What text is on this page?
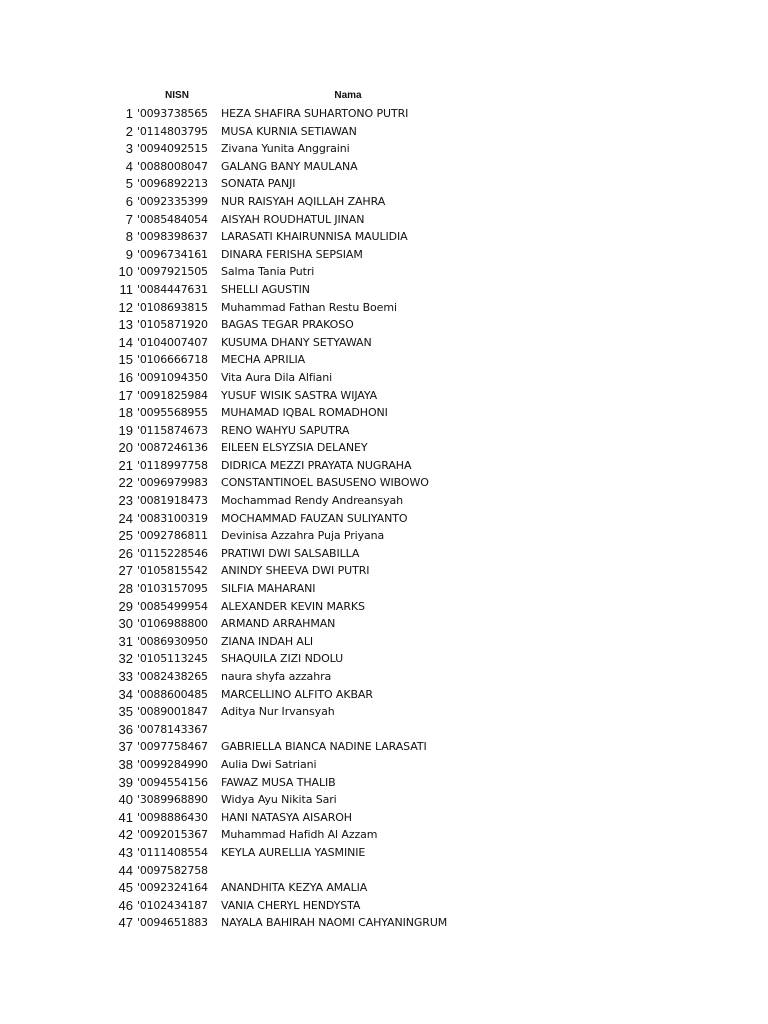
NISN	Nama
1 '0093738565	HEZA SHAFIRA SUHARTONO PUTRI
2 '0114803795	MUSA KURNIA SETIAWAN
3 '0094092515	Zivana Yunita Anggraini
4 '0088008047	GALANG BANY MAULANA
5 '0096892213	SONATA PANJI
6 '0092335399	NUR RAISYAH AQILLAH ZAHRA
7 '0085484054	AISYAH ROUDHATUL JINAN
8 '0098398637	LARASATI KHAIRUNNISA MAULIDIA
9 '0096734161	DINARA FERISHA SEPSIAM
10 '0097921505	Salma Tania Putri
11 '0084447631	SHELLI AGUSTIN
12 '0108693815	Muhammad Fathan Restu Boemi
13 '0105871920	BAGAS TEGAR PRAKOSO
14 '0104007407	KUSUMA DHANY SETYAWAN
15 '0106666718	MECHA APRILIA
16 '0091094350	Vita Aura Dila Alfiani
17 '0091825984	YUSUF WISIK SASTRA WIJAYA
18 '0095568955	MUHAMAD IQBAL ROMADHONI
19 '0115874673	RENO WAHYU SAPUTRA
20 '0087246136	EILEEN ELSYZSIA DELANEY
21 '0118997758	DIDRICA MEZZI PRAYATA NUGRAHA
22 '0096979983	CONSTANTINOEL BASUSENO WIBOWO
23 '0081918473	Mochammad Rendy Andreansyah
24 '0083100319	MOCHAMMAD FAUZAN SULIYANTO
25 '0092786811	Devinisa Azzahra Puja Priyana
26 '0115228546	PRATIWI DWI SALSABILLA
27 '0105815542	ANINDY SHEEVA DWI PUTRI
28 '0103157095	SILFIA MAHARANI
29 '0085499954	ALEXANDER KEVIN MARKS
30 '0106988800	ARMAND ARRAHMAN
31 '0086930950	ZIANA INDAH ALI
32 '0105113245	SHAQUILA ZIZI NDOLU
33 '0082438265	naura shyfa azzahra
34 '0088600485	MARCELLINO ALFITO AKBAR
35 '0089001847	Aditya Nur Irvansyah
36 '0078143367
37 '0097758467	GABRIELLA BIANCA NADINE LARASATI
38 '0099284990	Aulia Dwi Satriani
39 '0094554156	FAWAZ MUSA THALIB
40 '3089968890	Widya Ayu Nikita Sari
41 '0098886430	HANI NATASYA AISAROH
42 '0092015367	Muhammad Hafidh Al Azzam
43 '0111408554	KEYLA AURELLIA YASMINIE
44 '0097582758
45 '0092324164	ANANDHITA KEZYA AMALIA
46 '0102434187	VANIA CHERYL HENDYSTA
47 '0094651883	NAYALA BAHIRAH NAOMI CAHYANINGRUM
